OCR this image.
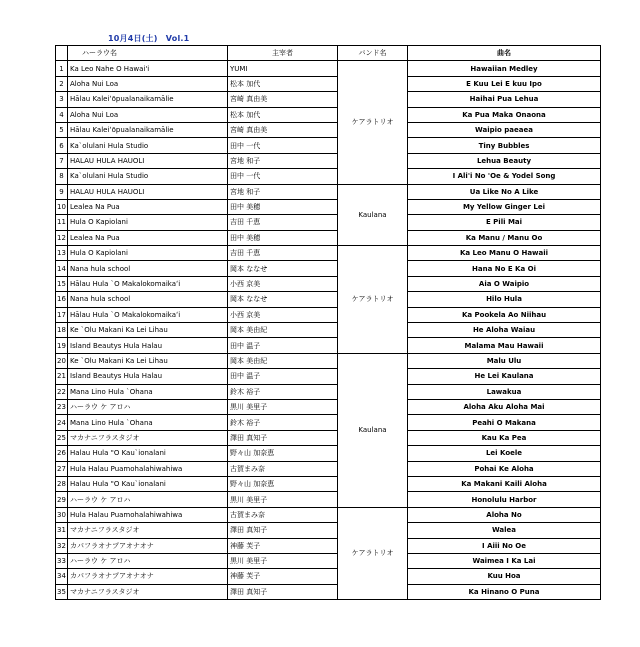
10月4日(土)　Vol.1
	ハーラウ名	主宰者	バンド名	曲名
1	Ka Leo Nahe O Hawai'i	YUMI	ケアラトリオ	Hawaiian Medley
2	Aloha Nui Loa	松本 加代		E Kuu Lei E kuu Ipo
3	Hālau Kaleiʻōpualanaikamālie	宮崎 真由美		Haihai Pua Lehua
4	Aloha Nui Loa	松本 加代		Ka Pua Maka Onaona
5	Hālau Kaleiʻōpualanaikamālie	宮崎 真由美		Waipio paeaea
6	Ka`olulani Hula Studio	田中 一代		Tiny Bubbles
7	HALAU HULA HAUOLI	宮地 和子		Lehua Beauty
8	Ka`olulani Hula Studio	田中 一代		I Ali'i No 'Oe & Yodel Song
9	HALAU HULA HAUOLI	宮地 和子	Kaulana	Ua Like No A Like
10	Lealea Na Pua	田中 美穂		My Yellow Ginger Lei
11	Hula O Kapiolani	吉田 千恵		E Pili Mai
12	Lealea Na Pua	田中 美穂		Ka Manu / Manu Oo
13	Hula O Kapiolani	吉田 千恵	ケアラトリオ	Ka Leo Manu O Hawaii
14	Nana hula school	岡本 ななせ		Hana No E Ka Oi
15	Hālau Hula `O Makalokomaikaʻi	小西 京美		Aia O Waipio
16	Nana hula school	岡本 ななせ		Hilo Hula
17	Hālau Hula `O Makalokomaikaʻi	小西 京美		Ka Pookela Ao Niihau
18	Ke `Olu Makani Ka Lei Lihau	岡本 美由紀		He Aloha Waiau
19	Island Beautys Hula Halau	田中 温子		Malama Mau Hawaii
20	Ke `Olu Makani Ka Lei Lihau	岡本 美由紀	Kaulana	Malu Ulu
21	Island Beautys Hula Halau	田中 温子		He Lei Kaulana
22	Mana Lino Hula `Ohana	鈴木 裕子		Lawakua
23	ハーラウ ケ アロハ	黒川 美里子		Aloha Aku Aloha Mai
24	Mana Lino Hula `Ohana	鈴木 裕子		Peahi O Makana
25	マカナニフラスタジオ	澤田 真知子		Kau Ka Pea
26	Halau Hula "O Kau`ionalani	野々山 加奈恵		Lei Koele
27	Hula Halau Puamohalahiwahiwa	古賀まみ奈		Pohai Ke Aloha
28	Halau Hula "O Kau`ionalani	野々山 加奈恵		Ka Makani Kaili Aloha
29	ハーラウ ケ アロハ	黒川 美里子		Honolulu Harbor
30	Hula Halau Puamohalahiwahiwa	古賀まみ奈	ケアラトリオ	Aloha No
31	マカナニフラスタジオ	澤田 真知子		Walea
32	カパフラオナプアオナオナ	神藤 芙子		I Aiii No Oe
33	ハーラウ ケ アロハ	黒川 美里子		Waimea I Ka Lai
34	カパフラオナプアオナオナ	神藤 芙子		Kuu Hoa
35	マカナニフラスタジオ	澤田 真知子		Ka Hinano O Puna
